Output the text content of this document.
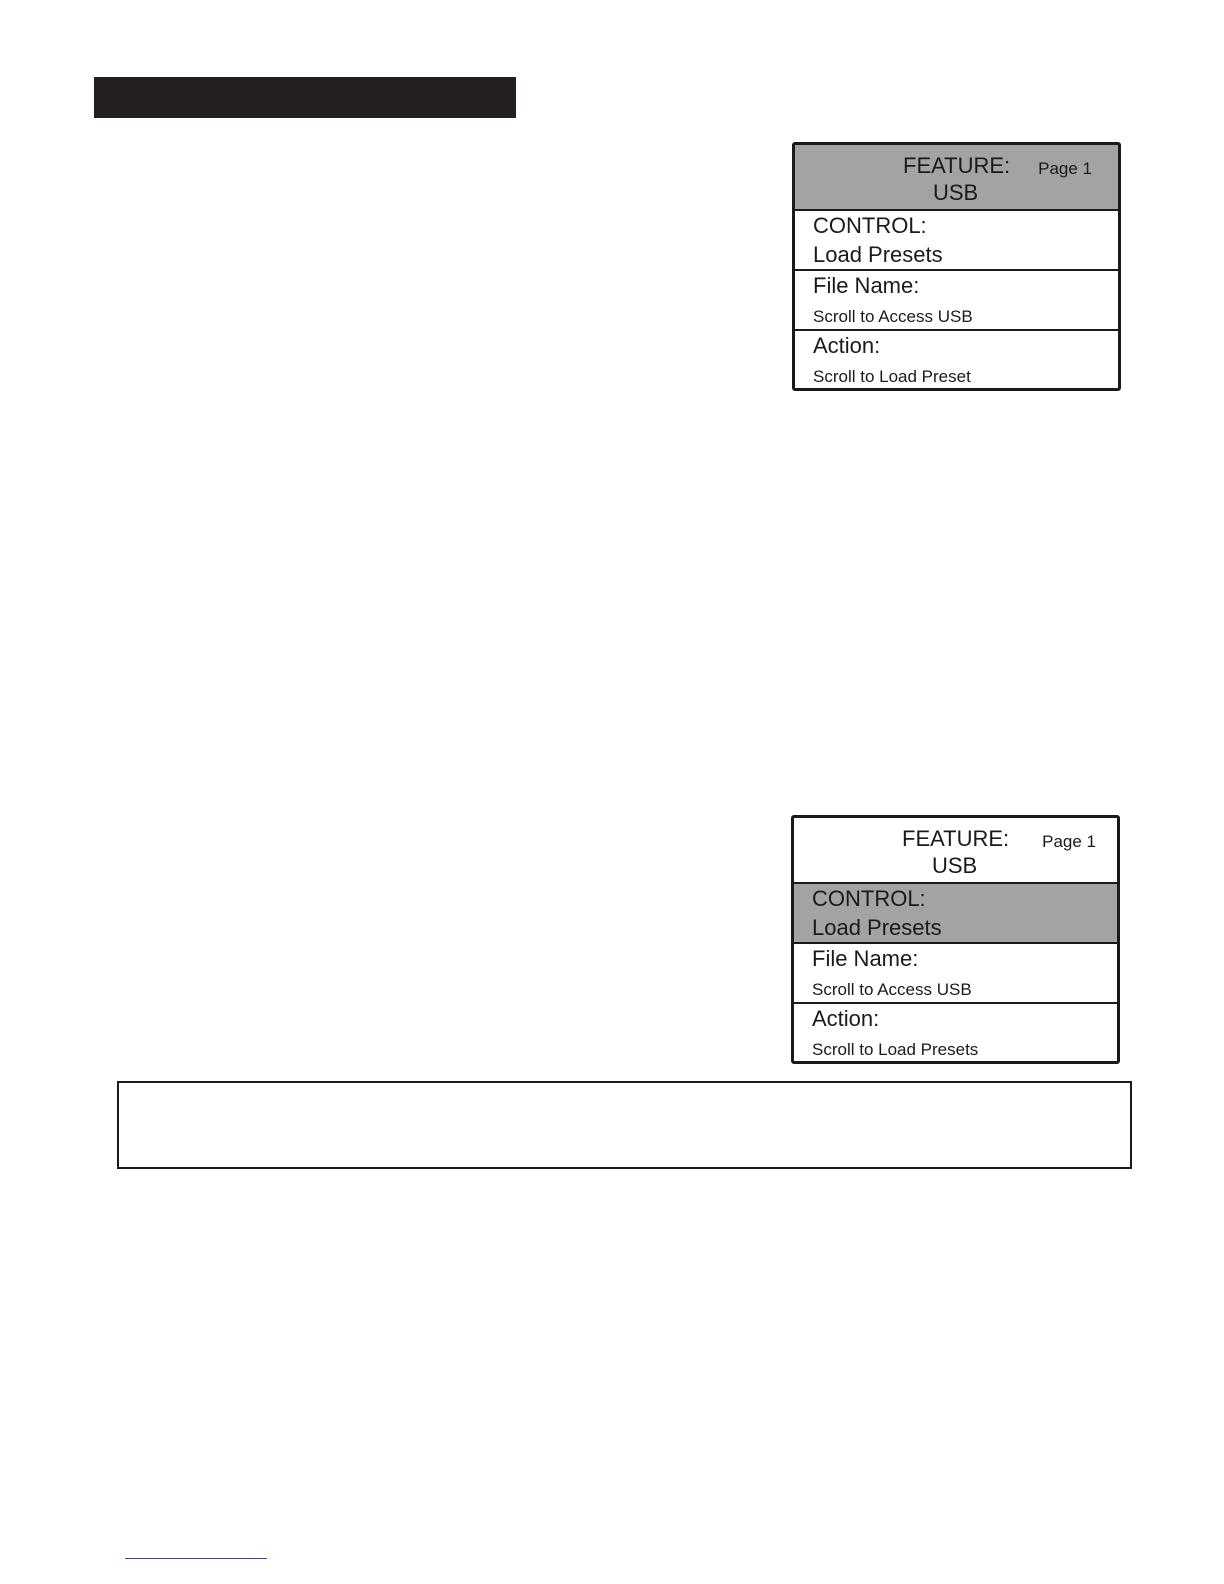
FEATURE: Page 1
USB
CONTROL:
Load Presets
File Name:
Scroll to Access USB
Action:
Scroll to Load Preset
FEATURE: Page 1
USB
CONTROL:
Load Presets
File Name:
Scroll to Access USB
Action:
Scroll to Load Presets
